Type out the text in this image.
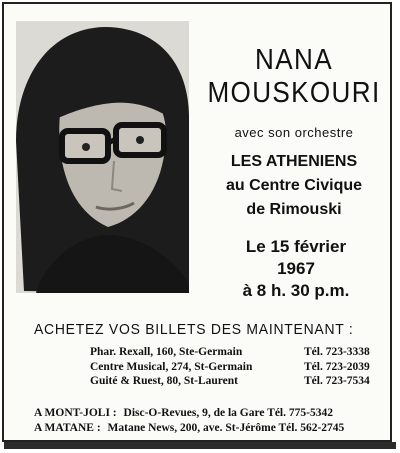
NANA
MOUSKOURI
avec son orchestre
LES ATHENIENS
au Centre Civique
de Rimouski
Le 15 février
1967
à 8 h. 30 p.m.
ACHETEZ VOS BILLETS DES MAINTENANT :
Phar. Rexall, 160, Ste-Germain	Tél. 723-3338
Centre Musical, 274, St-Germain	Tél. 723-2039
Guité & Ruest, 80, St-Laurent	Tél. 723-7534
A MONT-JOLI : Disc-O-Revues, 9, de la Gare Tél. 775-5342
A MATANE : Matane News, 200, ave. St-Jérôme Tél. 562-2745
